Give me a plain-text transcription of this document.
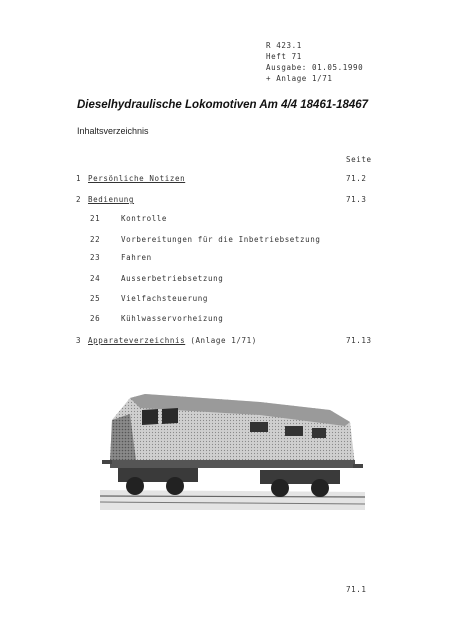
R 423.1
Heft 71
Ausgabe: 01.05.1990
+ Anlage 1/71
Dieselhydraulische Lokomotiven Am 4/4 18461-18467
Inhaltsverzeichnis
Seite
1 Persönliche Notizen	71.2
2 Bedienung	71.3
21	Kontrolle
22	Vorbereitungen für die Inbetriebsetzung
23	Fahren
24	Ausserbetriebsetzung
25	Vielfachsteuerung
26	Kühlwasservorheizung
3 Apparateverzeichnis (Anlage 1/71)	71.13
71.1
